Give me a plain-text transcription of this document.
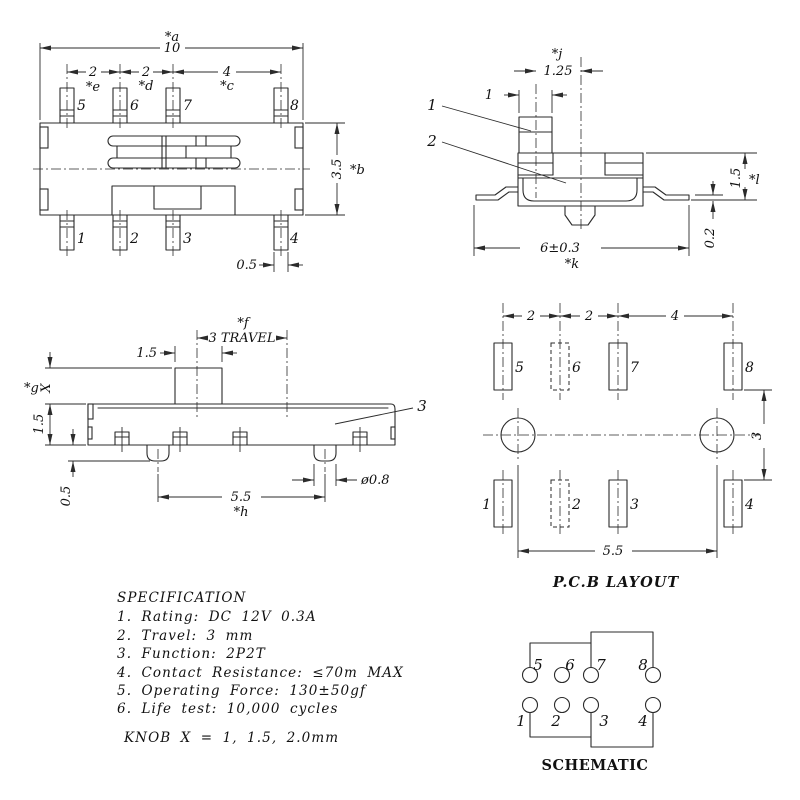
5	6	7	8
1	2	3	4
*a
10
2	2	4
*e	*d	*c
3.5 *b
0.5
1
2
*j
1.25
1
6±0.3
*k
1.5 *l
0.2
*f
3 TRAVEL
1.5
*g X
1.5
0.5	5.5
*h
ø0.8
3
2	2	4
5	6	7	8
1	2	3	4
3
5.5
P.C.B LAYOUT
SPECIFICATION
1. Rating: DC 12V 0.3A
2. Travel: 3 mm
3. Function: 2P2T
4. Contact Resistance: ≤70m MAX
5. Operating Force: 130±50gf
6. Life test: 10,000 cycles
KNOB X = 1, 1.5, 2.0mm
5 6 7 8
1 2	3 4
SCHEMATIC
